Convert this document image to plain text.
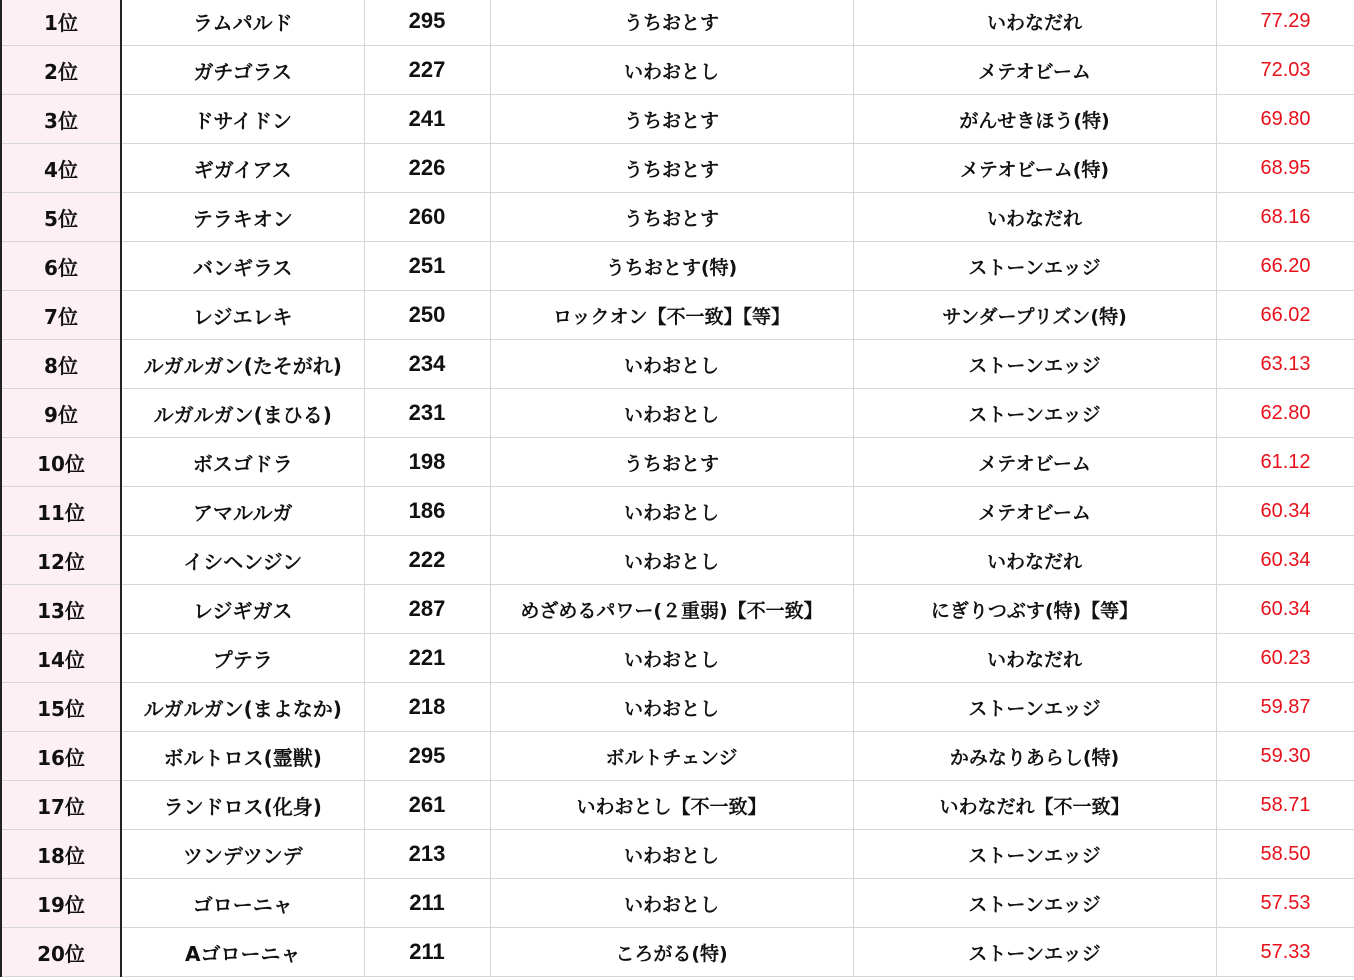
1位	ラムパルド	295	うちおとす	いわなだれ	77.29
2位	ガチゴラス	227	いわおとし	メテオビーム	72.03
3位	ドサイドン	241	うちおとす	がんせきほう(特)	69.80
4位	ギガイアス	226	うちおとす	メテオビーム(特)	68.95
5位	テラキオン	260	うちおとす	いわなだれ	68.16
6位	バンギラス	251	うちおとす(特)	ストーンエッジ	66.20
7位	レジエレキ	250	ロックオン【不一致】【等】	サンダープリズン(特)	66.02
8位	ルガルガン(たそがれ)	234	いわおとし	ストーンエッジ	63.13
9位	ルガルガン(まひる)	231	いわおとし	ストーンエッジ	62.80
10位	ボスゴドラ	198	うちおとす	メテオビーム	61.12
11位	アマルルガ	186	いわおとし	メテオビーム	60.34
12位	イシヘンジン	222	いわおとし	いわなだれ	60.34
13位	レジギガス	287	めざめるパワー(２重弱)【不一致】	にぎりつぶす(特)【等】	60.34
14位	プテラ	221	いわおとし	いわなだれ	60.23
15位	ルガルガン(まよなか)	218	いわおとし	ストーンエッジ	59.87
16位	ボルトロス(霊獣)	295	ボルトチェンジ	かみなりあらし(特)	59.30
17位	ランドロス(化身)	261	いわおとし【不一致】	いわなだれ【不一致】	58.71
18位	ツンデツンデ	213	いわおとし	ストーンエッジ	58.50
19位	ゴローニャ	211	いわおとし	ストーンエッジ	57.53
20位	Aゴローニャ	211	ころがる(特)	ストーンエッジ	57.33
